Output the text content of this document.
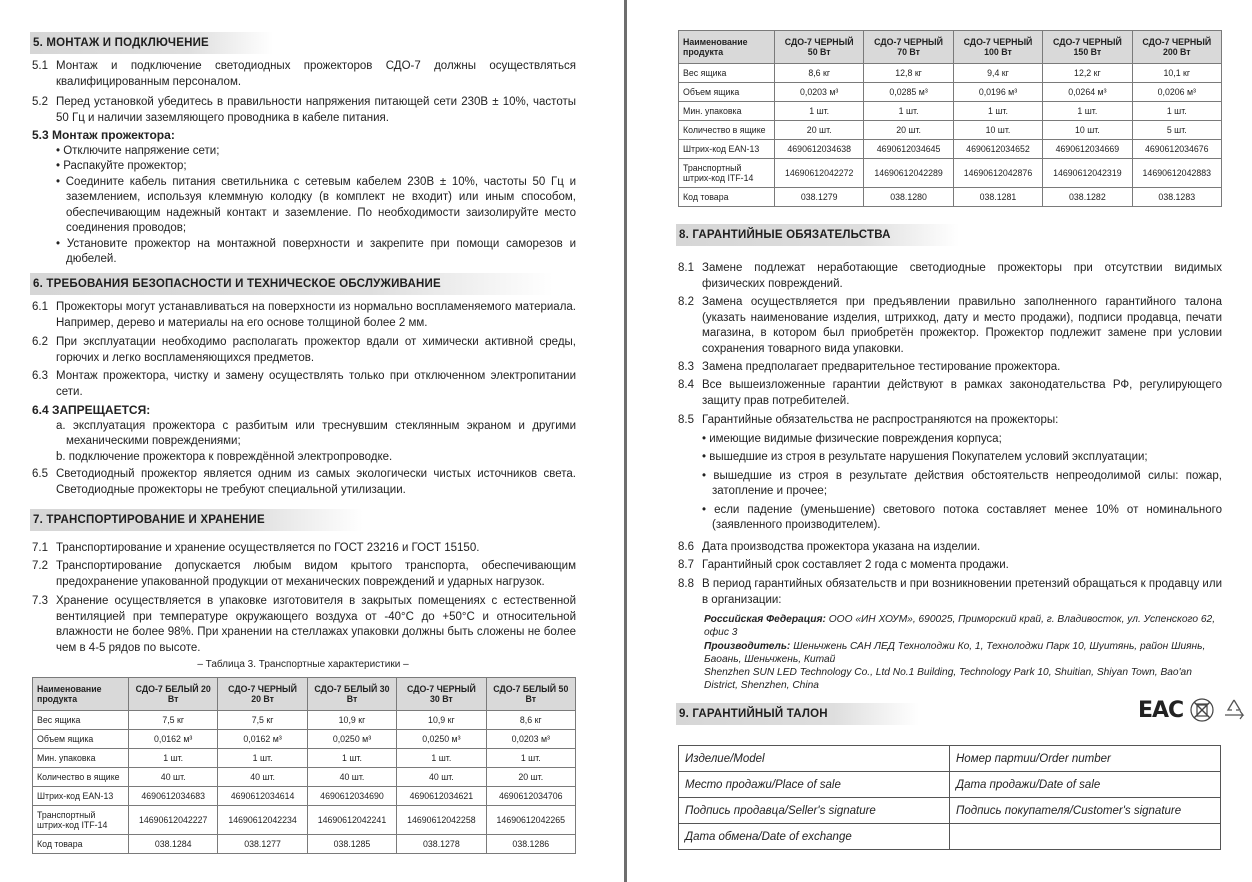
5. МОНТАЖ И ПОДКЛЮЧЕНИЕ
5.1 Монтаж и подключение светодиодных прожекторов СДО-7 должны осуществляться квалифицированным персоналом.
5.2 Перед установкой убедитесь в правильности напряжения питающей сети 230В ± 10%, частоты 50 Гц и наличии заземляющего проводника в кабеле питания.
5.3 Монтаж прожектора:
• Отключите напряжение сети;
• Распакуйте прожектор;
• Соедините кабель питания светильника с сетевым кабелем 230В ± 10%, частоты 50 Гц и заземлением, используя клеммную колодку (в комплект не входит) или иным способом, обеспечивающим надежный контакт и заземление. По необходимости заизолируйте место соединения проводов;
• Установите прожектор на монтажной поверхности и закрепите при помощи саморезов и дюбелей.
6. ТРЕБОВАНИЯ БЕЗОПАСНОСТИ И ТЕХНИЧЕСКОЕ ОБСЛУЖИВАНИЕ
6.1 Прожекторы могут устанавливаться на поверхности из нормально воспламеняемого материала. Например, дерево и материалы на его основе толщиной более 2 мм.
6.2 При эксплуатации необходимо располагать прожектор вдали от химически активной среды, горючих и легко воспламеняющихся предметов.
6.3 Монтаж прожектора, чистку и замену осуществлять только при отключенном электропитании сети.
6.4 ЗАПРЕЩАЕТСЯ:
a. эксплуатация прожектора с разбитым или треснувшим стеклянным экраном и другими механическими повреждениями;
b. подключение прожектора к повреждённой электропроводке.
6.5 Светодиодный прожектор является одним из самых экологически чистых источников света. Светодиодные прожекторы не требуют специальной утилизации.
7. ТРАНСПОРТИРОВАНИЕ И ХРАНЕНИЕ
7.1 Транспортирование и хранение осуществляется по ГОСТ 23216 и ГОСТ 15150.
7.2 Транспортирование допускается любым видом крытого транспорта, обеспечивающим предохранение упакованной продукции от механических повреждений и ударных нагрузок.
7.3 Хранение осуществляется в упаковке изготовителя в закрытых помещениях с естественной вентиляцией при температуре окружающего воздуха от -40°С до +50°С и относительной влажности не более 98%. При хранении на стеллажах упаковки должны быть сложены не более чем в 4-5 рядов по высоте.
– Таблица 3. Транспортные характеристики –
Наименование продукта	СДО-7 БЕЛЫЙ 20 Вт	СДО-7 ЧЕРНЫЙ 20 Вт	СДО-7 БЕЛЫЙ 30 Вт	СДО-7 ЧЕРНЫЙ 30 Вт	СДО-7 БЕЛЫЙ 50 Вт
Вес ящика	7,5 кг	7,5 кг	10,9 кг	10,9 кг	8,6 кг
Объем ящика	0,0162 м³	0,0162 м³	0,0250 м³	0,0250 м³	0,0203 м³
Мин. упаковка	1 шт.	1 шт.	1 шт.	1 шт.	1 шт.
Количество в ящике	40 шт.	40 шт.	40 шт.	40 шт.	20 шт.
Штрих-код EAN-13	4690612034683	4690612034614	4690612034690	4690612034621	4690612034706
Транспортный штрих-код ITF-14	14690612042227	14690612042234	14690612042241	14690612042258	14690612042265
Код товара	038.1284	038.1277	038.1285	038.1278	038.1286
Наименование продукта	СДО-7 ЧЕРНЫЙ 50 Вт	СДО-7 ЧЕРНЫЙ 70 Вт	СДО-7 ЧЕРНЫЙ 100 Вт	СДО-7 ЧЕРНЫЙ 150 Вт	СДО-7 ЧЕРНЫЙ 200 Вт
Вес ящика	8,6 кг	12,8 кг	9,4 кг	12,2 кг	10,1 кг
Объем ящика	0,0203 м³	0,0285 м³	0,0196 м³	0,0264 м³	0,0206 м³
Мин. упаковка	1 шт.	1 шт.	1 шт.	1 шт.	1 шт.
Количество в ящике	20 шт.	20 шт.	10 шт.	10 шт.	5 шт.
Штрих-код EAN-13	4690612034638	4690612034645	4690612034652	4690612034669	4690612034676
Транспортный штрих-код ITF-14	14690612042272	14690612042289	14690612042876	14690612042319	14690612042883
Код товара	038.1279	038.1280	038.1281	038.1282	038.1283
8. ГАРАНТИЙНЫЕ ОБЯЗАТЕЛЬСТВА
8.1 Замене подлежат неработающие светодиодные прожекторы при отсутствии видимых физических повреждений.
8.2 Замена осуществляется при предъявлении правильно заполненного гарантийного талона (указать наименование изделия, штрихкод, дату и место продажи), подписи продавца, печати магазина, в котором был приобретён прожектор. Прожектор подлежит замене при условии сохранения товарного вида упаковки.
8.3 Замена предполагает предварительное тестирование прожектора.
8.4 Все вышеизложенные гарантии действуют в рамках законодательства РФ, регулирующего защиту прав потребителей.
8.5 Гарантийные обязательства не распространяются на прожекторы:
• имеющие видимые физические повреждения корпуса;
• вышедшие из строя в результате нарушения Покупателем условий эксплуатации;
• вышедшие из строя в результате действия обстоятельств непреодолимой силы: пожар, затопление и прочее;
• если падение (уменьшение) светового потока составляет менее 10% от номинального (заявленного производителем).
8.6 Дата производства прожектора указана на изделии.
8.7 Гарантийный срок составляет 2 года с момента продажи.
8.8 В период гарантийных обязательств и при возникновении претензий обращаться к продавцу или в организации:
Российская Федерация: ООО «ИН ХОУМ», 690025, Приморский край, г. Владивосток, ул. Успенского 62, офис 3
Производитель: Шеньчжень САН ЛЕД Технолоджи Ко, 1, Технолоджи Парк 10, Шуитянь, район Шиянь, Баоань, Шеньчжень, Китай
Shenzhen SUN LED Technology Co., Ltd No.1 Building, Technology Park 10, Shuitian, Shiyan Town, Bao'an District, Shenzhen, China
9. ГАРАНТИЙНЫЙ ТАЛОН	ЕАС
Изделие/Model	Номер партии/Order number
Место продажи/Place of sale	Дата продажи/Date of sale
Подпись продавца/Seller's signature	Подпись покупателя/Customer's signature
Дата обмена/Date of exchange	
